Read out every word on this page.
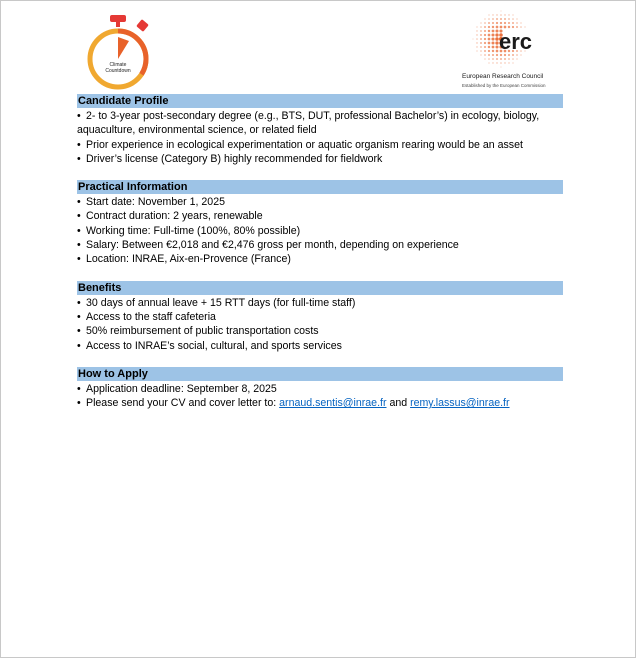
Climate
Countdown
erc
European Research Council
Established by the European Commission
Candidate Profile
• 2- to 3-year post-secondary degree (e.g., BTS, DUT, professional Bachelor’s) in ecology, biology, aquaculture, environmental science, or related field
• Prior experience in ecological experimentation or aquatic organism rearing would be an asset
• Driver’s license (Category B) highly recommended for fieldwork
Practical Information
• Start date: November 1, 2025
• Contract duration: 2 years, renewable
• Working time: Full-time (100%, 80% possible)
• Salary: Between €2,018 and €2,476 gross per month, depending on experience
• Location: INRAE, Aix-en-Provence (France)
Benefits
• 30 days of annual leave + 15 RTT days (for full-time staff)
• Access to the staff cafeteria
• 50% reimbursement of public transportation costs
• Access to INRAE’s social, cultural, and sports services
How to Apply
• Application deadline: September 8, 2025
• Please send your CV and cover letter to: arnaud.sentis@inrae.fr and remy.lassus@inrae.fr
